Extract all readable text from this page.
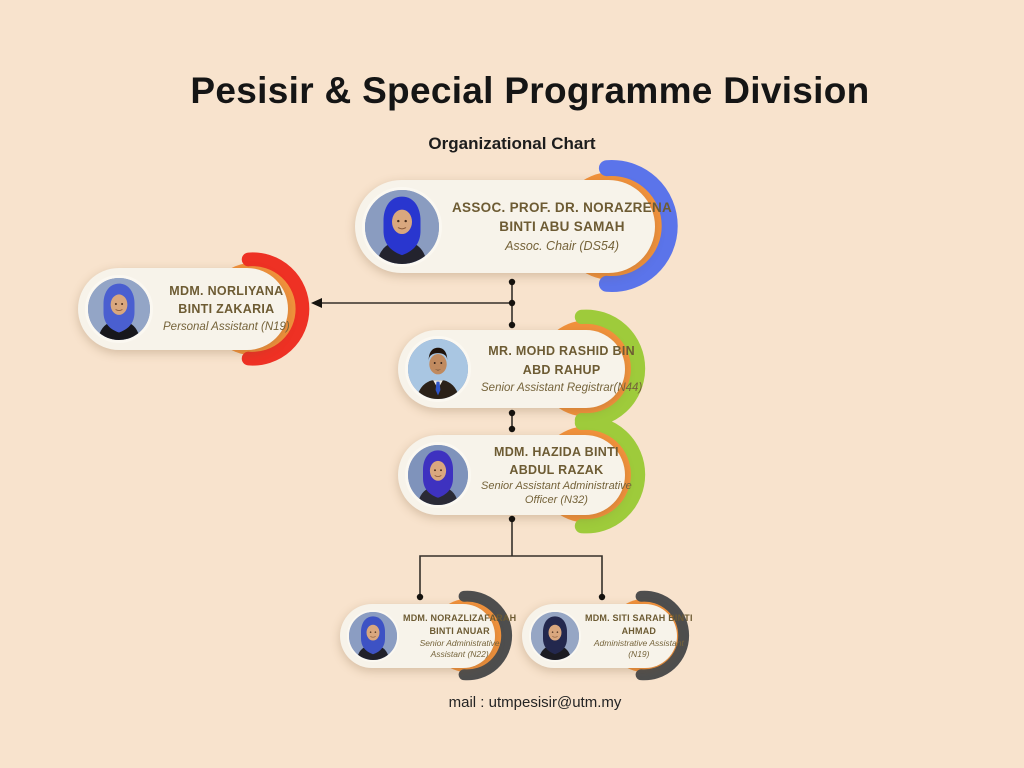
Pesisir & Special Programme Division
Organizational Chart
ASSOC. PROF. DR. NORAZRENA
BINTI ABU SAMAH
Assoc. Chair (DS54)
MDM. NORLIYANA
BINTI ZAKARIA
Personal Assistant (N19)
MR. MOHD RASHID BIN
ABD RAHUP
Senior Assistant Registrar(N44)
MDM. HAZIDA BINTI
ABDUL RAZAK
Senior Assistant Administrative
Officer (N32)
MDM. NORAZLIZAFARAH
BINTI ANUAR
Senior Administrative
Assistant (N22)
MDM. SITI SARAH BINTI
AHMAD
Administrative Assistant
(N19)
mail : utmpesisir@utm.my
